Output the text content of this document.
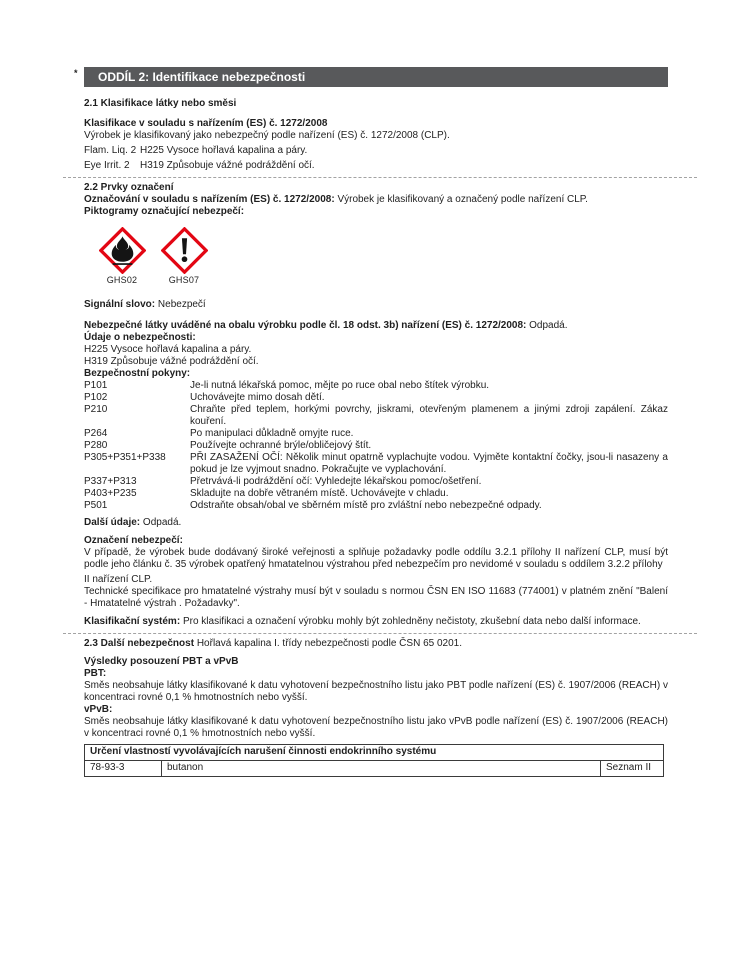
* ODDÍL 2: Identifikace nebezpečnosti
2.1 Klasifikace látky nebo směsi
Klasifikace v souladu s nařízením (ES) č. 1272/2008
Výrobek je klasifikovaný jako nebezpečný podle nařízení (ES) č. 1272/2008 (CLP).
Flam. Liq. 2 H225 Vysoce hořlavá kapalina a páry.
Eye Irrit. 2	H319 Způsobuje vážné podráždění očí.
2.2 Prvky označení
Označování v souladu s nařízením (ES) č. 1272/2008: Výrobek je klasifikovaný a označený podle nařízení CLP.
Piktogramy označující nebezpečí:
GHS02	GHS07
Signální slovo: Nebezpečí
Nebezpečné látky uváděné na obalu výrobku podle čl. 18 odst. 3b) nařízení (ES) č. 1272/2008: Odpadá.
Údaje o nebezpečnosti:
H225 Vysoce hořlavá kapalina a páry.
H319 Způsobuje vážné podráždění očí.
Bezpečnostní pokyny:
P101	Je-li nutná lékařská pomoc, mějte po ruce obal nebo štítek výrobku.
P102	Uchovávejte mimo dosah dětí.
P210	Chraňte před teplem, horkými povrchy, jiskrami, otevřeným plamenem a jinými zdroji zapálení. Zákaz kouření.
P264	Po manipulaci důkladně omyjte ruce.
P280	Používejte ochranné brýle/obličejový štít.
P305+P351+P338	PŘI ZASAŽENÍ OČÍ: Několik minut opatrně vyplachujte vodou. Vyjměte kontaktní čočky, jsou-li nasazeny a pokud je lze vyjmout snadno. Pokračujte ve vyplachování.
P337+P313	Přetrvává-li podráždění očí: Vyhledejte lékařskou pomoc/ošetření.
P403+P235	Skladujte na dobře větraném místě. Uchovávejte v chladu.
P501	Odstraňte obsah/obal ve sběrném místě pro zvláštní nebo nebezpečné odpady.
Další údaje: Odpadá.
Označení nebezpečí:
V případě, že výrobek bude dodávaný široké veřejnosti a splňuje požadavky podle oddílu 3.2.1 přílohy II nařízení CLP, musí být podle jeho článku č. 35 výrobek opatřený hmatatelnou výstrahou před nebezpečím pro nevidomé v souladu s oddílem 3.2.2 přílohy
II nařízení CLP.
Technické specifikace pro hmatatelné výstrahy musí být v souladu s normou ČSN EN ISO 11683 (774001) v platném znění "Balení - Hmatatelné výstrah . Požadavky".
Klasifikační systém: Pro klasifikaci a označení výrobku mohly být zohledněny nečistoty, zkušební data nebo další informace.
2.3 Další nebezpečnost Hořlavá kapalina I. třídy nebezpečnosti podle ČSN 65 0201.
Výsledky posouzení PBT a vPvB
PBT:
Směs neobsahuje látky klasifikované k datu vyhotovení bezpečnostního listu jako PBT podle nařízení (ES) č. 1907/2006 (REACH) v koncentraci rovné 0,1 % hmotnostních nebo vyšší.
vPvB:
Směs neobsahuje látky klasifikované k datu vyhotovení bezpečnostního listu jako vPvB podle nařízení (ES) č. 1907/2006 (REACH) v koncentraci rovné 0,1 % hmotnostních nebo vyšší.
Určení vlastností vyvolávajících narušení činnosti endokrinního systému
78-93-3	butanon	Seznam II
